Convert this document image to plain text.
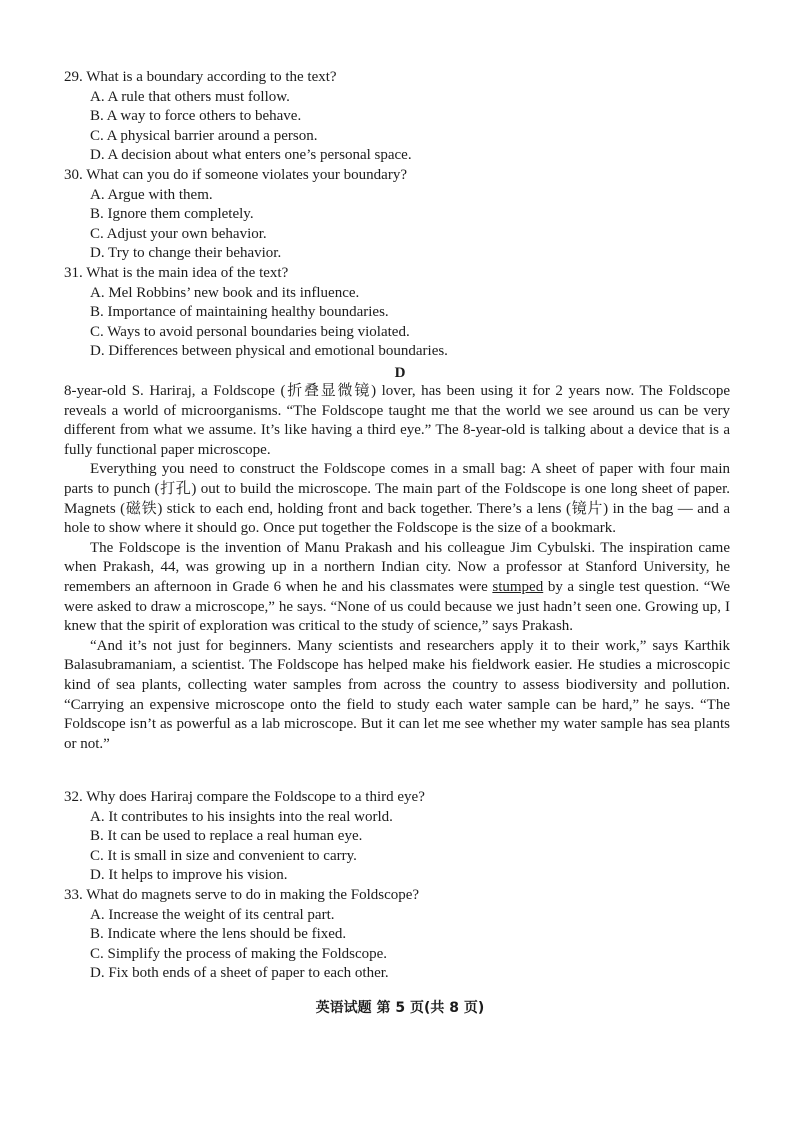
29. What is a boundary according to the text?
A. A rule that others must follow.
B. A way to force others to behave.
C. A physical barrier around a person.
D. A decision about what enters one’s personal space.
30. What can you do if someone violates your boundary?
A. Argue with them.
B. Ignore them completely.
C. Adjust your own behavior.
D. Try to change their behavior.
31. What is the main idea of the text?
A. Mel Robbins’ new book and its influence.
B. Importance of maintaining healthy boundaries.
C. Ways to avoid personal boundaries being violated.
D. Differences between physical and emotional boundaries.
D

8-year-old S. Hariraj, a Foldscope (折叠显微镜) lover, has been using it for 2 years now. The Foldscope reveals a world of microorganisms. “The Foldscope taught me that the world we see around us can be very different from what we assume. It’s like having a third eye.” The 8-year-old is talking about a device that is a fully functional paper microscope.

Everything you need to construct the Foldscope comes in a small bag: A sheet of paper with four main parts to punch (打孔) out to build the microscope. The main part of the Foldscope is one long sheet of paper. Magnets (磁铁) stick to each end, holding front and back together. There’s a lens (镜片) in the bag — and a hole to show where it should go. Once put together the Foldscope is the size of a bookmark.

The Foldscope is the invention of Manu Prakash and his colleague Jim Cybulski. The inspiration came when Prakash, 44, was growing up in a northern Indian city. Now a professor at Stanford University, he remembers an afternoon in Grade 6 when he and his classmates were stumped by a single test question. “We were asked to draw a microscope,” he says. “None of us could because we just hadn’t seen one. Growing up, I knew that the spirit of exploration was critical to the study of science,” says Prakash.

“And it’s not just for beginners. Many scientists and researchers apply it to their work,” says Karthik Balasubramaniam, a scientist. The Foldscope has helped make his fieldwork easier. He studies a microscopic kind of sea plants, collecting water samples from across the country to assess biodiversity and pollution. “Carrying an expensive microscope onto the field to study each water sample can be hard,” he says. “The Foldscope isn’t as powerful as a lab microscope. But it can let me see whether my water sample has sea plants or not.”

32. Why does Hariraj compare the Foldscope to a third eye?
A. It contributes to his insights into the real world.
B. It can be used to replace a real human eye.
C. It is small in size and convenient to carry.
D. It helps to improve his vision.
33. What do magnets serve to do in making the Foldscope?
A. Increase the weight of its central part.
B. Indicate where the lens should be fixed.
C. Simplify the process of making the Foldscope.
D. Fix both ends of a sheet of paper to each other.
英语试题 第 5 页(共 8 页)
